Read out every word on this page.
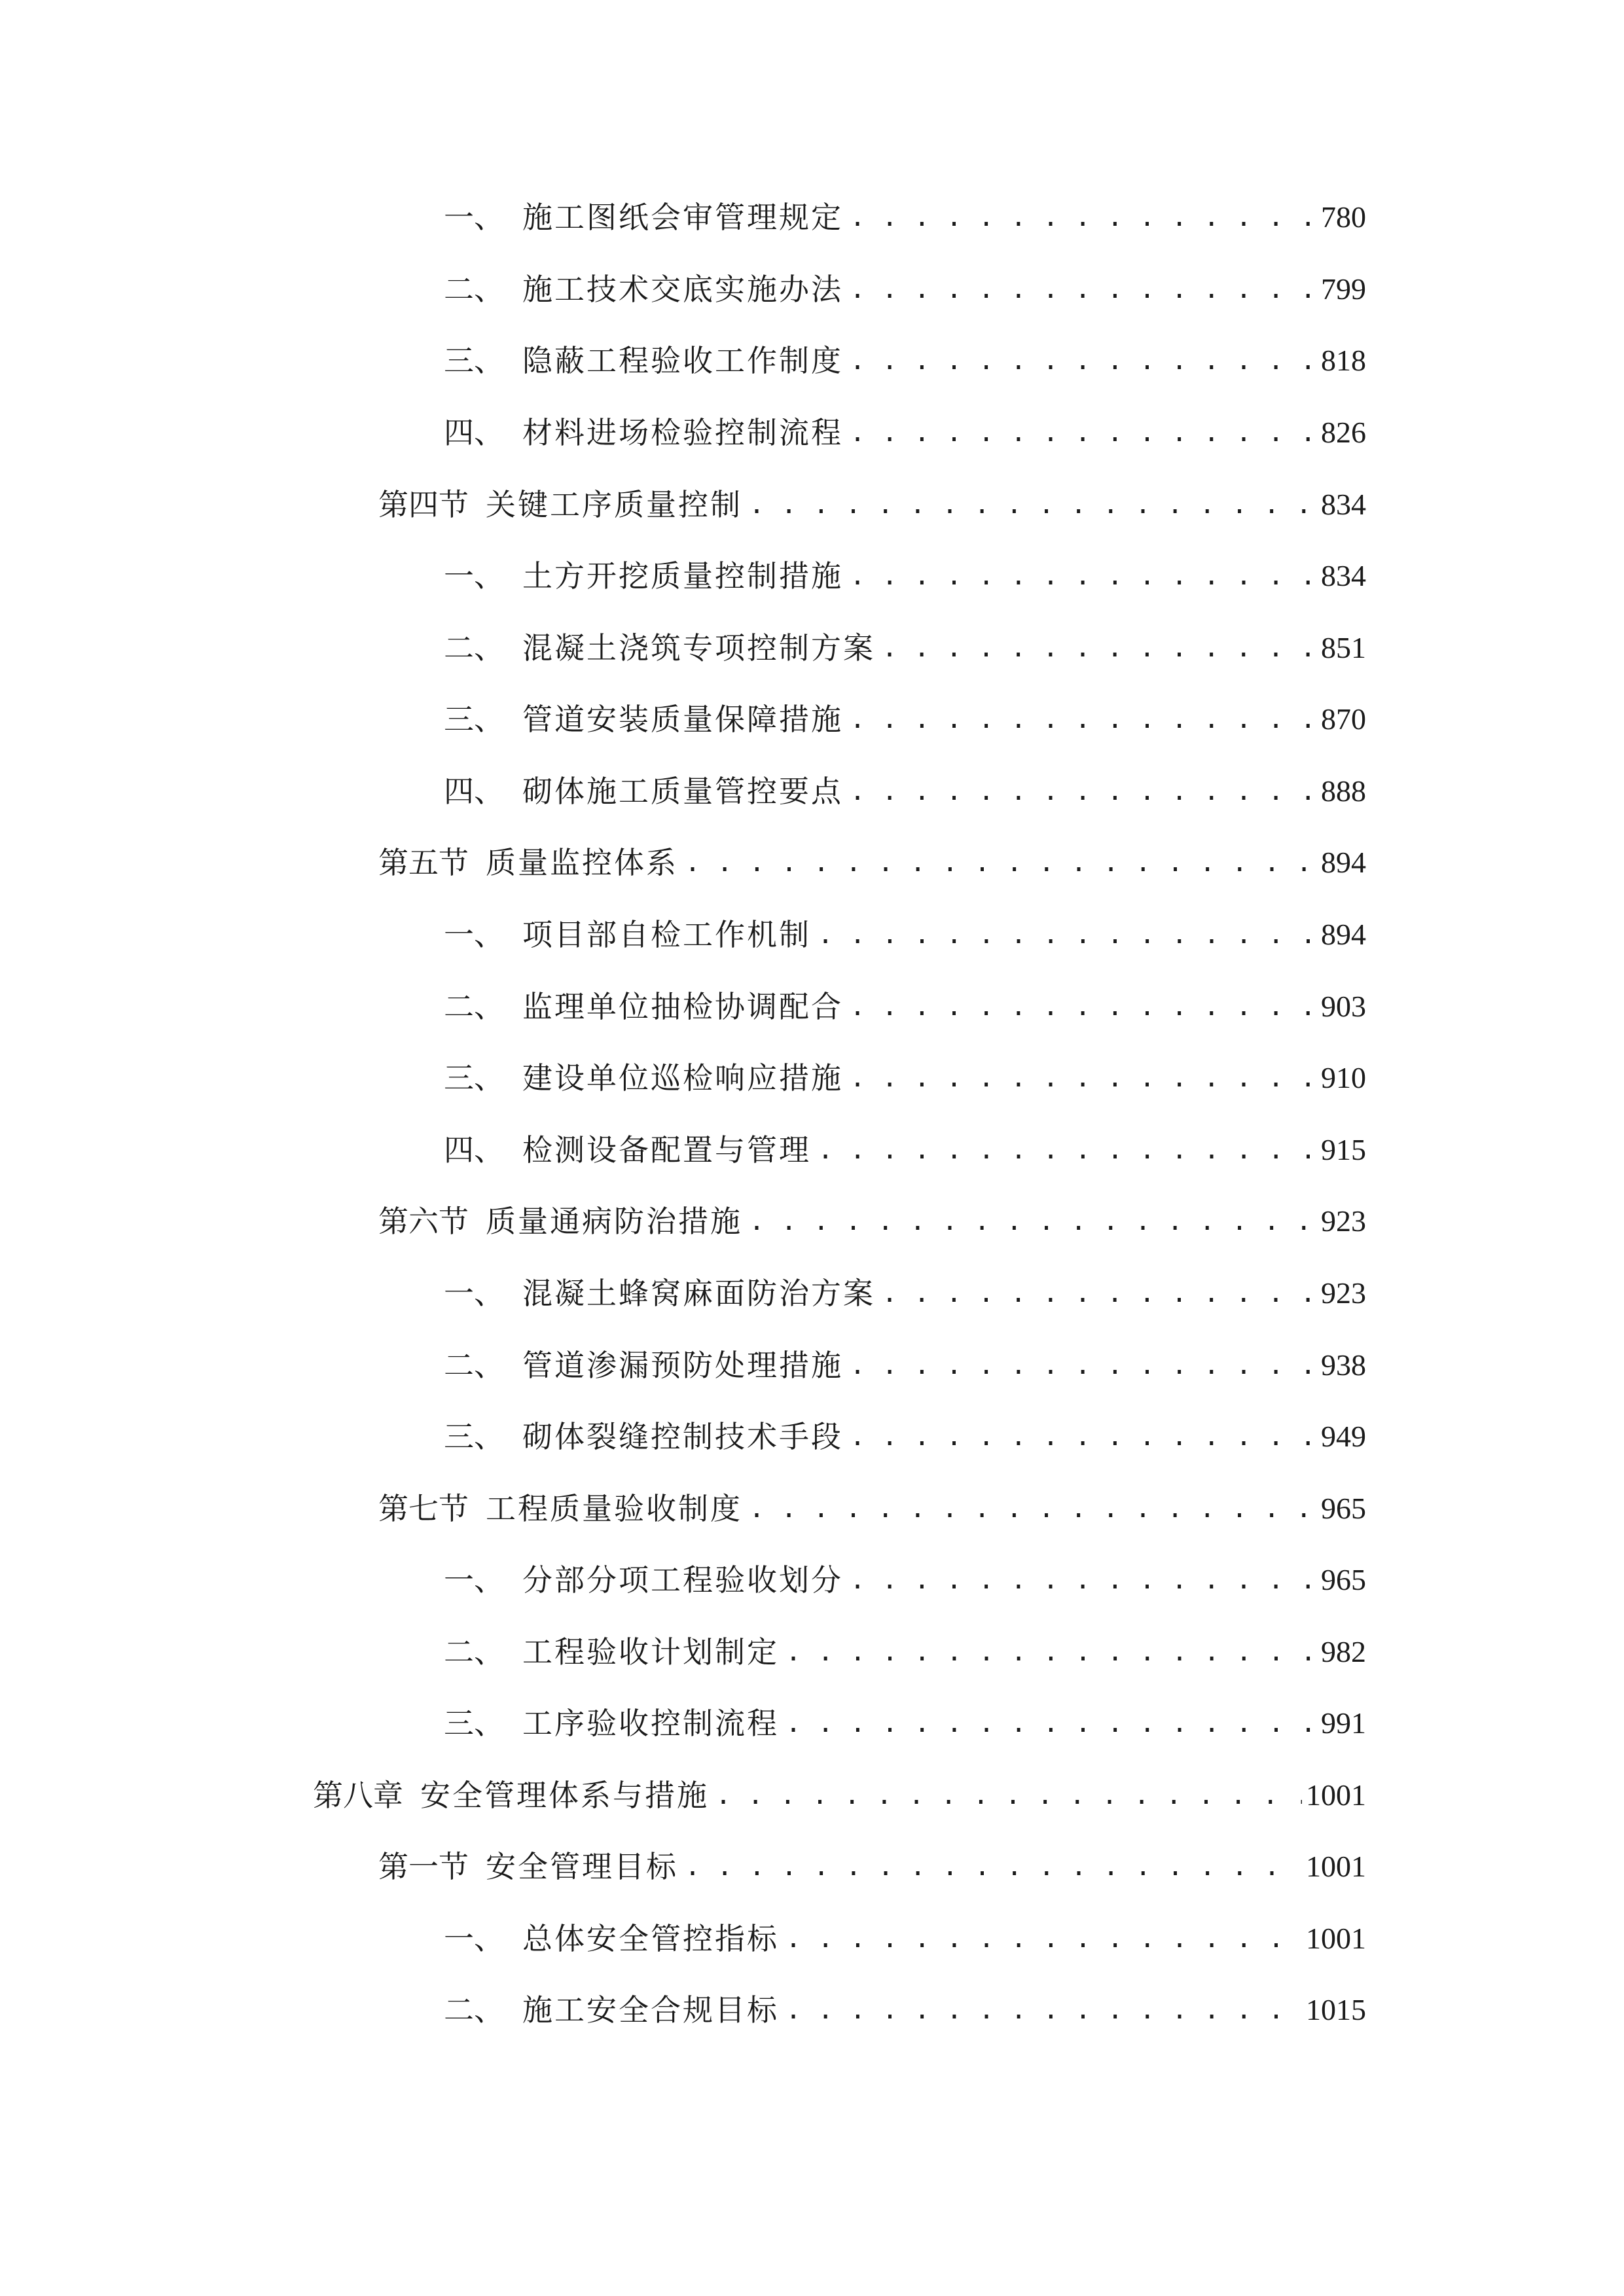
一、 施工图纸会审管理规定 . . .	780
二、 施工技术交底实施办法 . . .	799
三、 隐蔽工程验收工作制度 . . .	818
四、 材料进场检验控制流程 . . .	826
第四节 关键工序质量控制 . . .	834
一、 土方开挖质量控制措施 . . .	834
二、 混凝土浇筑专项控制方案 . . .	851
三、 管道安装质量保障措施 . . .	870
四、 砌体施工质量管控要点 . . .	888
第五节 质量监控体系 . . .	894
一、 项目部自检工作机制 . . .	894
二、 监理单位抽检协调配合 . . .	903
三、 建设单位巡检响应措施 . . .	910
四、 检测设备配置与管理 . . .	915
第六节 质量通病防治措施 . . .	923
一、 混凝土蜂窝麻面防治方案 . . .	923
二、 管道渗漏预防处理措施 . . .	938
三、 砌体裂缝控制技术手段 . . .	949
第七节 工程质量验收制度 . . .	965
一、 分部分项工程验收划分 . . .	965
二、 工程验收计划制定 . . .	982
三、 工序验收控制流程 . . .	991
第八章 安全管理体系与措施 . . .	1001
第一节 安全管理目标 . . .	1001
一、 总体安全管控指标 . . .	1001
二、 施工安全合规目标 . . .	1015
